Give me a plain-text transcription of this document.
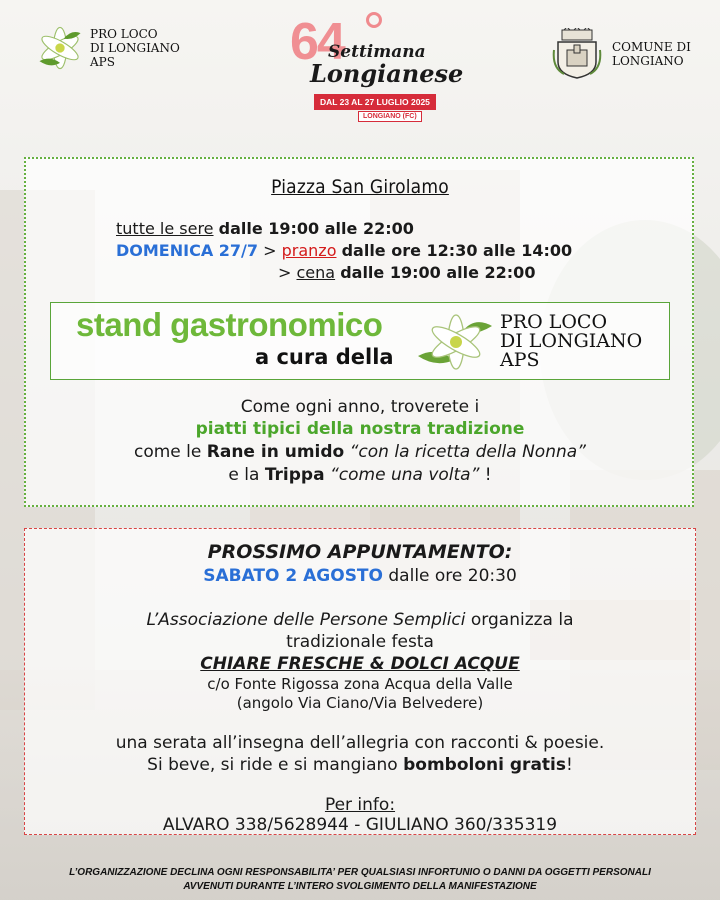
PRO LOCO
DI LONGIANO
APS	64
Settimana
Longianese
DAL 23 AL 27 LUGLIO 2025
LONGIANO (FC)
COMUNE DI
LONGIANO
Piazza San Girolamo
tutte le sere dalle 19:00 alle 22:00
DOMENICA 27/7 > pranzo dalle ore 12:30 alle 14:00
> cena dalle 19:00 alle 22:00
stand gastronomico
a cura della
PRO LOCO
DI LONGIANO
APS
Come ogni anno, troverete i
piatti tipici della nostra tradizione
come le Rane in umido “con la ricetta della Nonna”
e la Trippa “come una volta” !
PROSSIMO APPUNTAMENTO:
SABATO 2 AGOSTO dalle ore 20:30
L’Associazione delle Persone Semplici organizza la
tradizionale festa
CHIARE FRESCHE & DOLCI ACQUE
c/o Fonte Rigossa zona Acqua della Valle
(angolo Via Ciano/Via Belvedere)
una serata all’insegna dell’allegria con racconti & poesie.
Si beve, si ride e si mangiano bomboloni gratis!
Per info:
ALVARO 338/5628944 - GIULIANO 360/335319
L’ORGANIZZAZIONE DECLINA OGNI RESPONSABILITA’ PER QUALSIASI INFORTUNIO O DANNI DA OGGETTI PERSONALI
AVVENUTI DURANTE L’INTERO SVOLGIMENTO DELLA MANIFESTAZIONE
